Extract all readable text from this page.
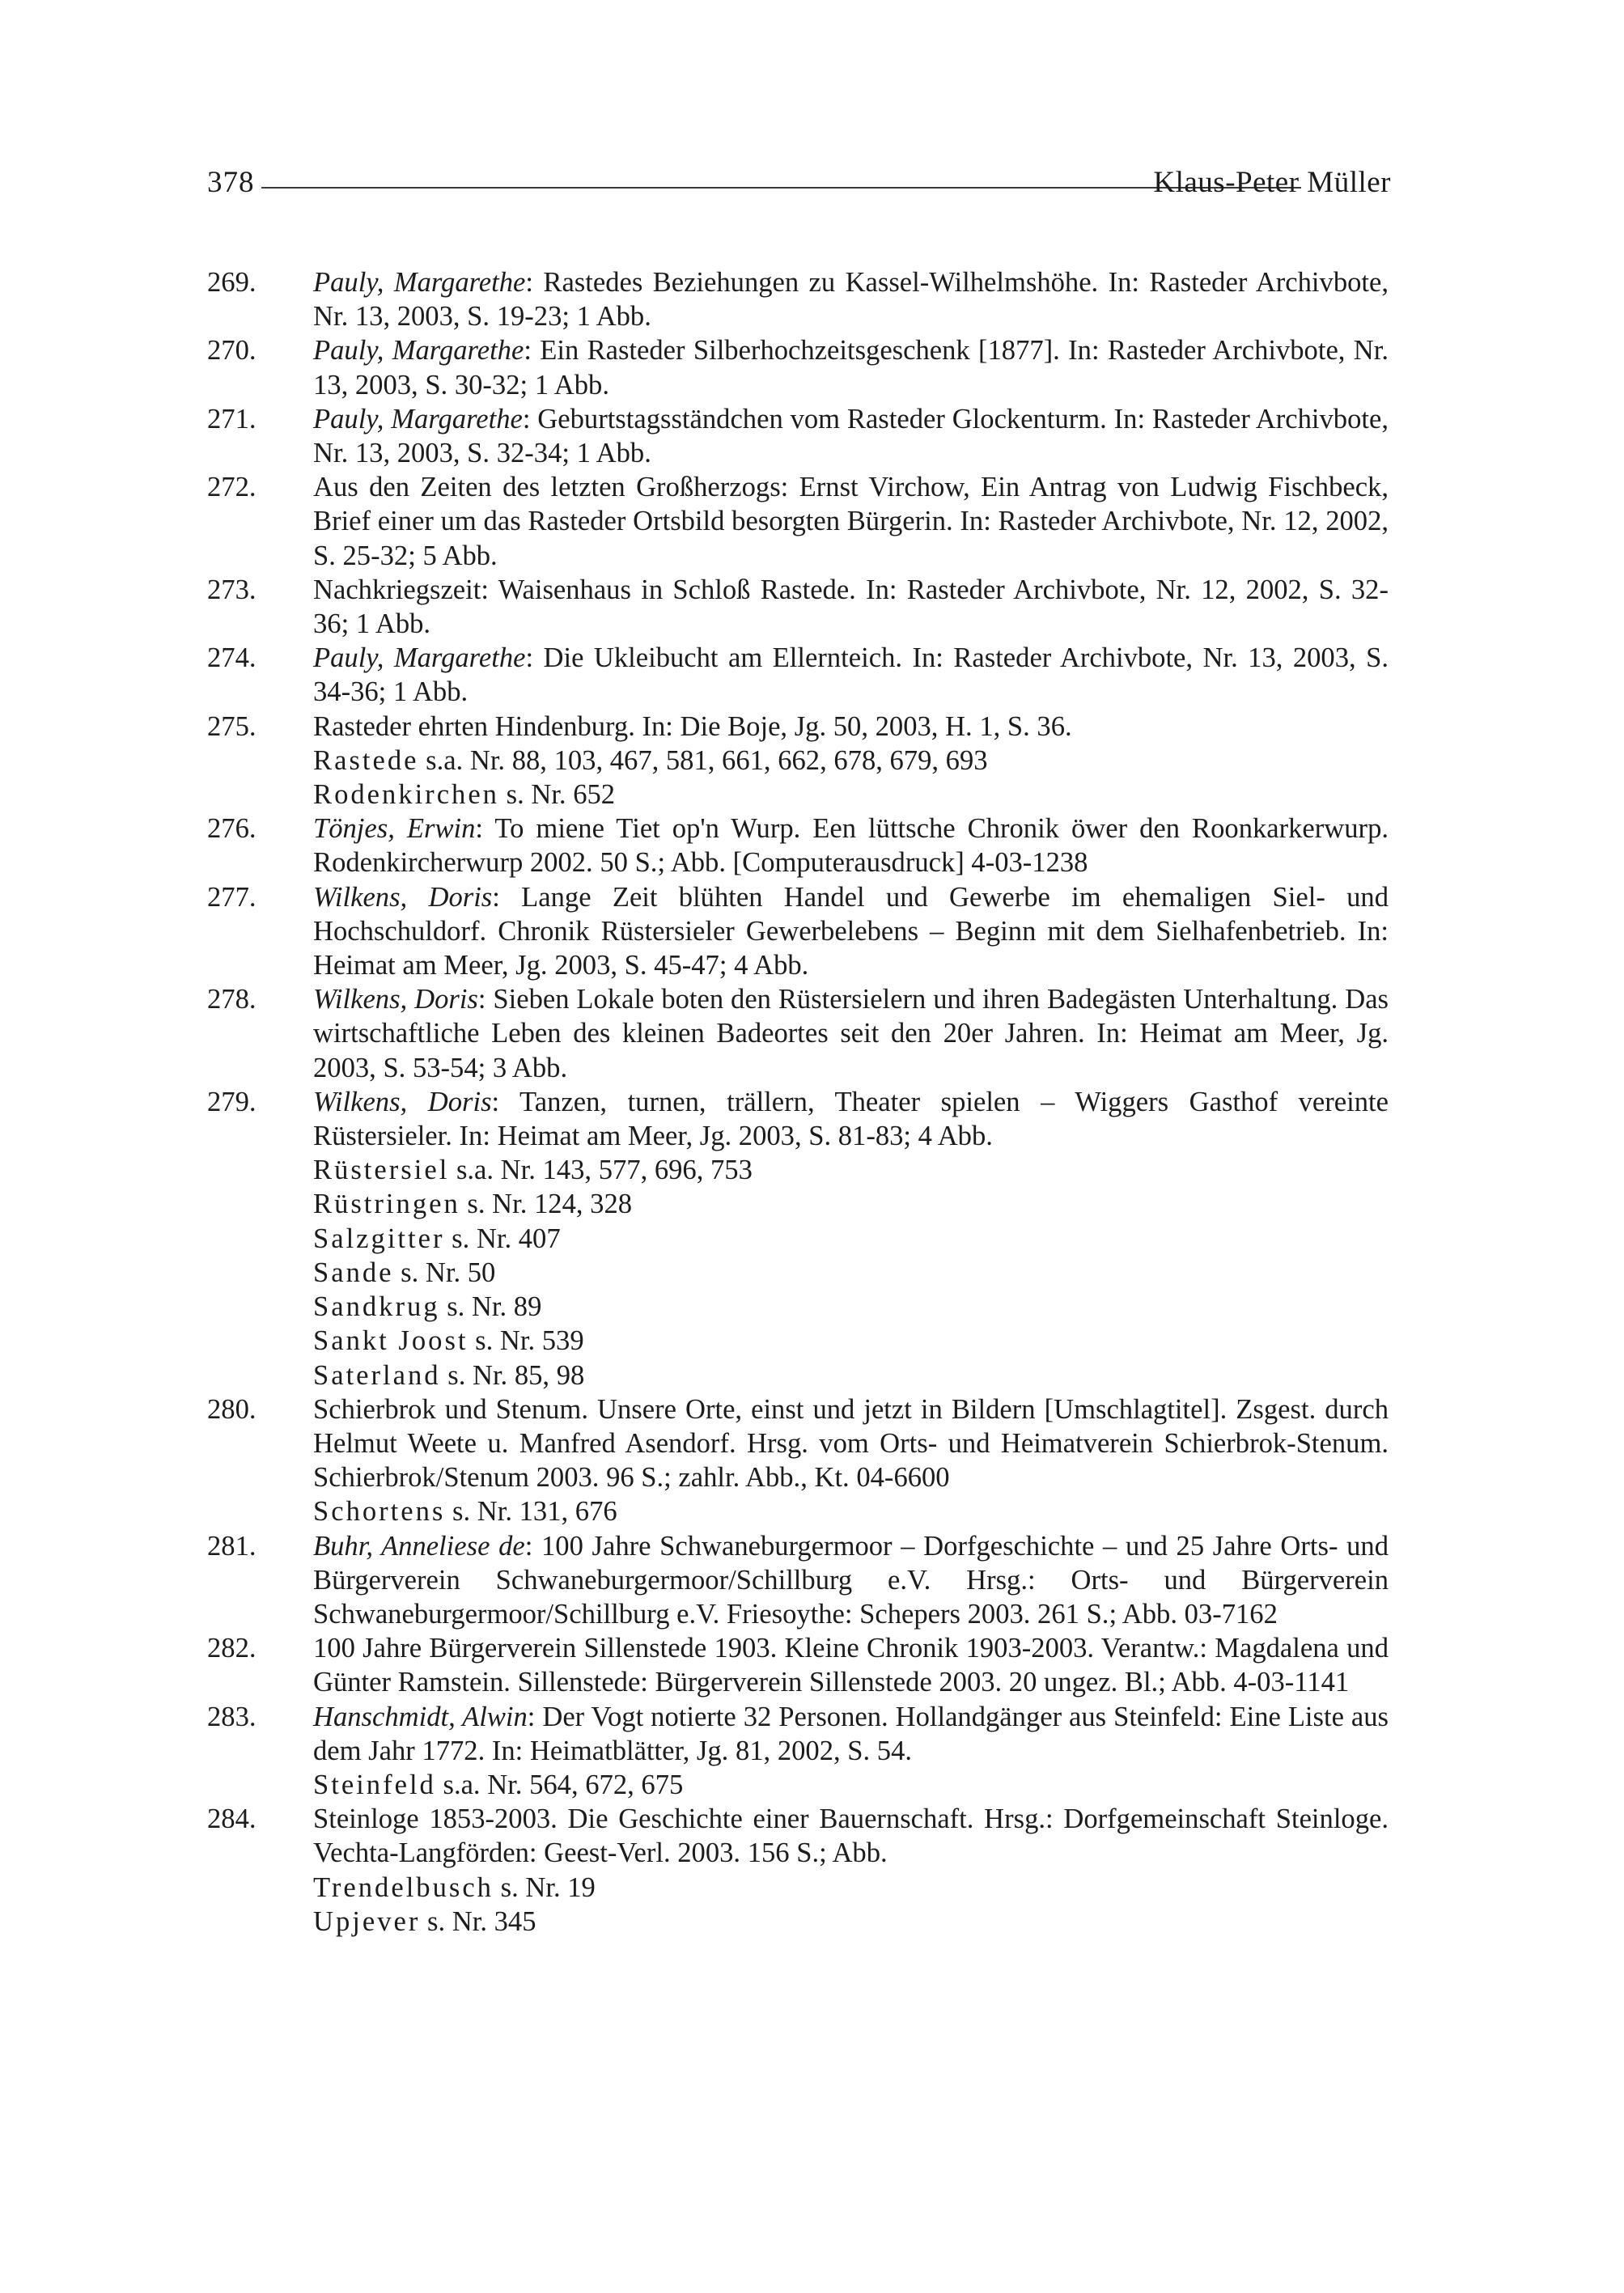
378	Klaus-Peter Müller
269. Pauly, Margarethe: Rastedes Beziehungen zu Kassel-Wilhelmshöhe. In: Rasteder Archivbote, Nr. 13, 2003, S. 19-23; 1 Abb.
270. Pauly, Margarethe: Ein Rasteder Silberhochzeitsgeschenk [1877]. In: Rasteder Archivbote, Nr. 13, 2003, S. 30-32; 1 Abb.
271. Pauly, Margarethe: Geburtstagsständchen vom Rasteder Glockenturm. In: Rasteder Archivbote, Nr. 13, 2003, S. 32-34; 1 Abb.
272. Aus den Zeiten des letzten Großherzogs: Ernst Virchow, Ein Antrag von Ludwig Fischbeck, Brief einer um das Rasteder Ortsbild besorgten Bürgerin. In: Rasteder Archivbote, Nr. 12, 2002, S. 25-32; 5 Abb.
273. Nachkriegszeit: Waisenhaus in Schloß Rastede. In: Rasteder Archivbote, Nr. 12, 2002, S. 32-36; 1 Abb.
274. Pauly, Margarethe: Die Ukleibucht am Ellernteich. In: Rasteder Archivbote, Nr. 13, 2003, S. 34-36; 1 Abb.
275. Rasteder ehrten Hindenburg. In: Die Boje, Jg. 50, 2003, H. 1, S. 36.
Rastede s.a. Nr. 88, 103, 467, 581, 661, 662, 678, 679, 693
Rodenkirchen s. Nr. 652
276. Tönjes, Erwin: To miene Tiet op'n Wurp. Een lüttsche Chronik öwer den Roonkarkerwurp. Rodenkircherwurp 2002. 50 S.; Abb. [Computerausdruck] 4-03-1238
277. Wilkens, Doris: Lange Zeit blühten Handel und Gewerbe im ehemaligen Siel- und Hochschuldorf. Chronik Rüstersieler Gewerbelebens – Beginn mit dem Sielhafenbetrieb. In: Heimat am Meer, Jg. 2003, S. 45-47; 4 Abb.
278. Wilkens, Doris: Sieben Lokale boten den Rüstersielern und ihren Badegästen Unterhaltung. Das wirtschaftliche Leben des kleinen Badeortes seit den 20er Jahren. In: Heimat am Meer, Jg. 2003, S. 53-54; 3 Abb.
279. Wilkens, Doris: Tanzen, turnen, trällern, Theater spielen – Wiggers Gasthof vereinte Rüstersieler. In: Heimat am Meer, Jg. 2003, S. 81-83; 4 Abb.
Rüstersiel s.a. Nr. 143, 577, 696, 753
Rüstringen s. Nr. 124, 328
Salzgitter s. Nr. 407
Sande s. Nr. 50
Sandkrug s. Nr. 89
Sankt Joost s. Nr. 539
Saterland s. Nr. 85, 98
280. Schierbrok und Stenum. Unsere Orte, einst und jetzt in Bildern [Umschlagtitel]. Zsgest. durch Helmut Weete u. Manfred Asendorf. Hrsg. vom Orts- und Heimatverein Schierbrok-Stenum. Schierbrok/Stenum 2003. 96 S.; zahlr. Abb., Kt. 04-6600
Schortens s. Nr. 131, 676
281. Buhr, Anneliese de: 100 Jahre Schwaneburgermoor – Dorfgeschichte – und 25 Jahre Orts- und Bürgerverein Schwaneburgermoor/Schillburg e.V. Hrsg.: Orts- und Bürgerverein Schwaneburgermoor/Schillburg e.V. Friesoythe: Schepers 2003. 261 S.; Abb. 03-7162
282. 100 Jahre Bürgerverein Sillenstede 1903. Kleine Chronik 1903-2003. Verantw.: Magdalena und Günter Ramstein. Sillenstede: Bürgerverein Sillenstede 2003. 20 ungez. Bl.; Abb. 4-03-1141
283. Hanschmidt, Alwin: Der Vogt notierte 32 Personen. Hollandgänger aus Steinfeld: Eine Liste aus dem Jahr 1772. In: Heimatblätter, Jg. 81, 2002, S. 54.
Steinfeld s.a. Nr. 564, 672, 675
284. Steinloge 1853-2003. Die Geschichte einer Bauernschaft. Hrsg.: Dorfgemeinschaft Steinloge. Vechta-Langförden: Geest-Verl. 2003. 156 S.; Abb.
Trendelbusch s. Nr. 19
Upjever s. Nr. 345
